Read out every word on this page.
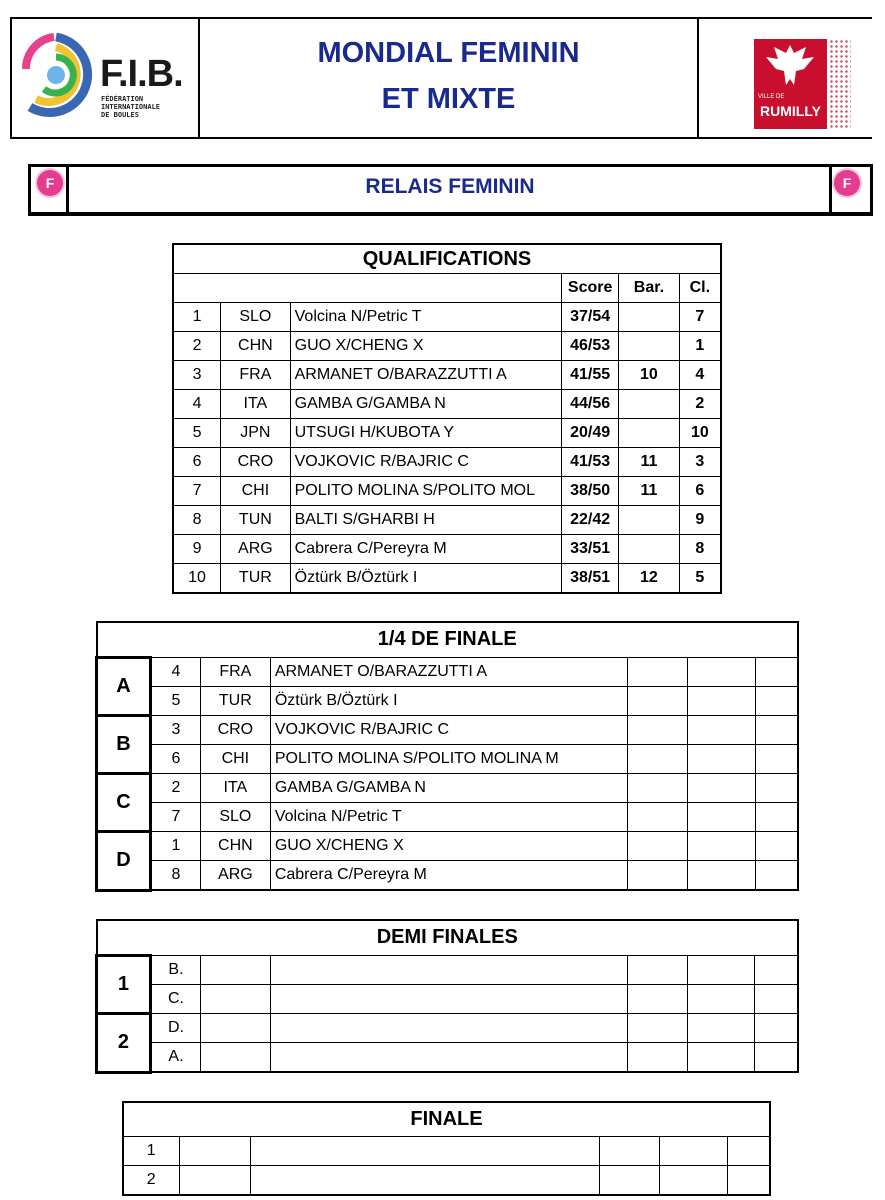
F.I.B.
FÉDÉRATION
INTERNATIONALE
DE BOULES
MONDIAL FEMININ
ET MIXTE	VILLE DE
RUMILLY
F	F
RELAIS FEMININ
QUALIFICATIONS					
			Score	Bar.	Cl.
1	SLO	Volcina N/Petric T	37/54		7
2	CHN	GUO X/CHENG X	46/53		1
3	FRA	ARMANET O/BARAZZUTTI A	41/55	10	4
4	ITA	GAMBA G/GAMBA N	44/56		2
5	JPN	UTSUGI H/KUBOTA Y	20/49		10
6	CRO	VOJKOVIC R/BAJRIC C	41/53	11	3
7	CHI	POLITO MOLINA S/POLITO MOL	38/50	11	6
8	TUN	BALTI S/GHARBI H	22/42		9
9	ARG	Cabrera C/Pereyra M	33/51		8
10	TUR	Öztürk B/Öztürk I	38/51	12	5
1/4 DE FINALE						
A	4	FRA	ARMANET O/BARAZZUTTI A			
	5	TUR	Öztürk B/Öztürk I			
B	3	CRO	VOJKOVIC R/BAJRIC C			
	6	CHI	POLITO MOLINA S/POLITO MOLINA M			
C	2	ITA	GAMBA G/GAMBA N			
	7	SLO	Volcina N/Petric T			
D	1	CHN	GUO X/CHENG X			
	8	ARG	Cabrera C/Pereyra M			
DEMI FINALES						
1	B.					
	C.					
2	D.					
	A.					
FINALE					
1					
2					
